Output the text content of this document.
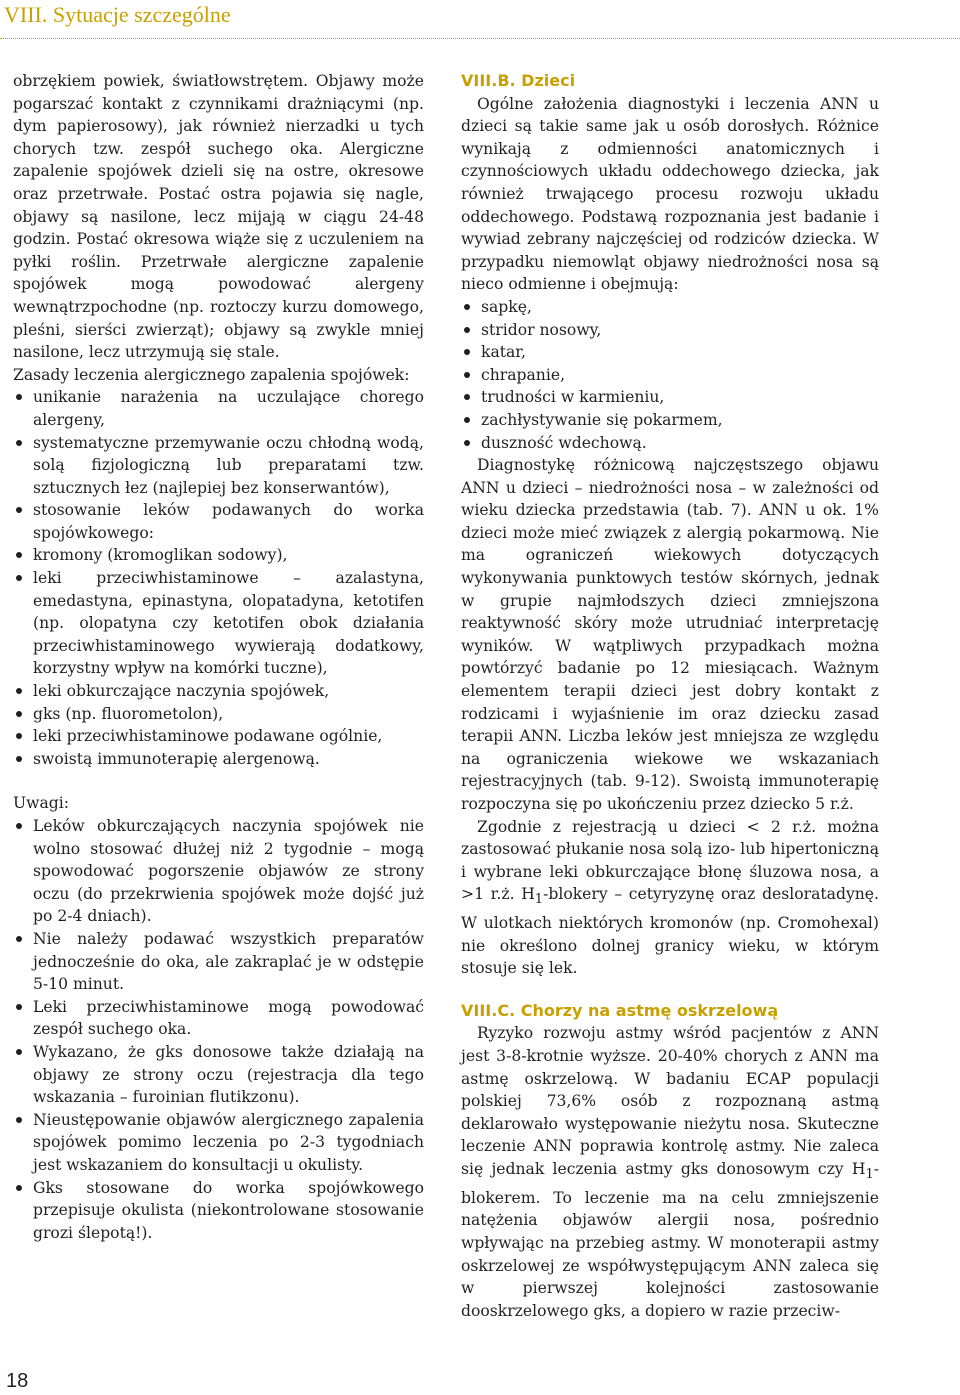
VIII. Sytuacje szczególne

obrzękiem powiek, światłowstrętem. Objawy może pogarszać kontakt z czynnikami drażniącymi (np. dym papierosowy), jak również nierzadki u tych chorych tzw. zespół suchego oka. Alergiczne zapalenie spojówek dzieli się na ostre, okresowe oraz przetrwałe. Postać ostra pojawia się nagle, objawy są nasilone, lecz mijają w ciągu 24-48 godzin. Postać okresowa wiąże się z uczuleniem na pyłki roślin. Przetrwałe alergiczne zapalenie spojówek mogą powodować alergeny wewnątrzpochodne (np. roztoczy kurzu domowego, pleśni, sierści zwierząt); objawy są zwykle mniej nasilone, lecz utrzymują się stale.

Zasady leczenia alergicznego zapalenia spojówek:

unikanie narażenia na uczulające chorego alergeny,
systematyczne przemywanie oczu chłodną wodą, solą fizjologiczną lub preparatami tzw. sztucznych łez (najlepiej bez konserwantów),
stosowanie leków podawanych do worka spojówkowego:
kromony (kromoglikan sodowy),
leki przeciwhistaminowe – azalastyna, emedastyna, epinastyna, olopatadyna, ketotifen (np. olopatyna czy ketotifen obok działania przeciwhistaminowego wywierają dodatkowy, korzystny wpływ na komórki tuczne),
leki obkurczające naczynia spojówek,
gks (np. fluorometolon),
leki przeciwhistaminowe podawane ogólnie,
swoistą immunoterapię alergenową.

Uwagi:

Leków obkurczających naczynia spojówek nie wolno stosować dłużej niż 2 tygodnie – mogą spowodować pogorszenie objawów ze strony oczu (do przekrwienia spojówek może dojść już po 2-4 dniach).
Nie należy podawać wszystkich preparatów jednocześnie do oka, ale zakraplać je w odstępie 5-10 minut.
Leki przeciwhistaminowe mogą powodować zespół suchego oka.
Wykazano, że gks donosowe także działają na objawy ze strony oczu (rejestracja dla tego wskazania – furoinian flutikzonu).
Nieustępowanie objawów alergicznego zapalenia spojówek pomimo leczenia po 2-3 tygodniach jest wskazaniem do konsultacji u okulisty.
Gks stosowane do worka spojówkowego przepisuje okulista (niekontrolowane stosowanie grozi ślepotą!).
VIII.B. Dzieci

Ogólne założenia diagnostyki i leczenia ANN u dzieci są takie same jak u osób dorosłych. Różnice wynikają z odmienności anatomicznych i czynnościowych układu oddechowego dziecka, jak również trwającego procesu rozwoju układu oddechowego. Podstawą rozpoznania jest badanie i wywiad zebrany najczęściej od rodziców dziecka. W przypadku niemowląt objawy niedrożności nosa są nieco odmienne i obejmują:

sapkę,
stridor nosowy,
katar,
chrapanie,
trudności w karmieniu,
zachłystywanie się pokarmem,
duszność wdechową.

Diagnostykę różnicową najczęstszego objawu ANN u dzieci – niedrożności nosa – w zależności od wieku dziecka przedstawia (tab. 7). ANN u ok. 1% dzieci może mieć związek z alergią pokarmową. Nie ma ograniczeń wiekowych dotyczących wykonywania punktowych testów skórnych, jednak w grupie najmłodszych dzieci zmniejszona reaktywność skóry może utrudniać interpretację wyników. W wątpliwych przypadkach można powtórzyć badanie po 12 miesiącach. Ważnym elementem terapii dzieci jest dobry kontakt z rodzicami i wyjaśnienie im oraz dziecku zasad terapii ANN. Liczba leków jest mniejsza ze względu na ograniczenia wiekowe we wskazaniach rejestracyjnych (tab. 9-12). Swoistą immunoterapię rozpoczyna się po ukończeniu przez dziecko 5 r.ż.

Zgodnie z rejestracją u dzieci < 2 r.ż. można zastosować płukanie nosa solą izo- lub hipertoniczną i wybrane leki obkurczające błonę śluzowa nosa, a >1 r.ż. $H_1$-blokery – cetyryzynę oraz desloratadynę. W ulotkach niektórych kromonów (np. Cromohexal) nie określono dolnej granicy wieku, w którym stosuje się lek.

VIII.C. Chorzy na astmę oskrzelową

Ryzyko rozwoju astmy wśród pacjentów z ANN jest 3-8-krotnie wyższe. 20-40% chorych z ANN ma astmę oskrzelową. W badaniu ECAP populacji polskiej 73,6% osób z rozpoznaną astmą deklarowało występowanie nieżytu nosa. Skuteczne leczenie ANN poprawia kontrolę astmy. Nie zaleca się jednak leczenia astmy gks donosowym czy $H_1$-blokerem. To leczenie ma na celu zmniejszenie natężenia objawów alergii nosa, pośrednio wpływając na przebieg astmy. W monoterapii astmy oskrzelowej ze współwystępującym ANN zaleca się w pierwszej kolejności zastosowanie dooskrzelowego gks, a dopiero w razie przeciw-

18
